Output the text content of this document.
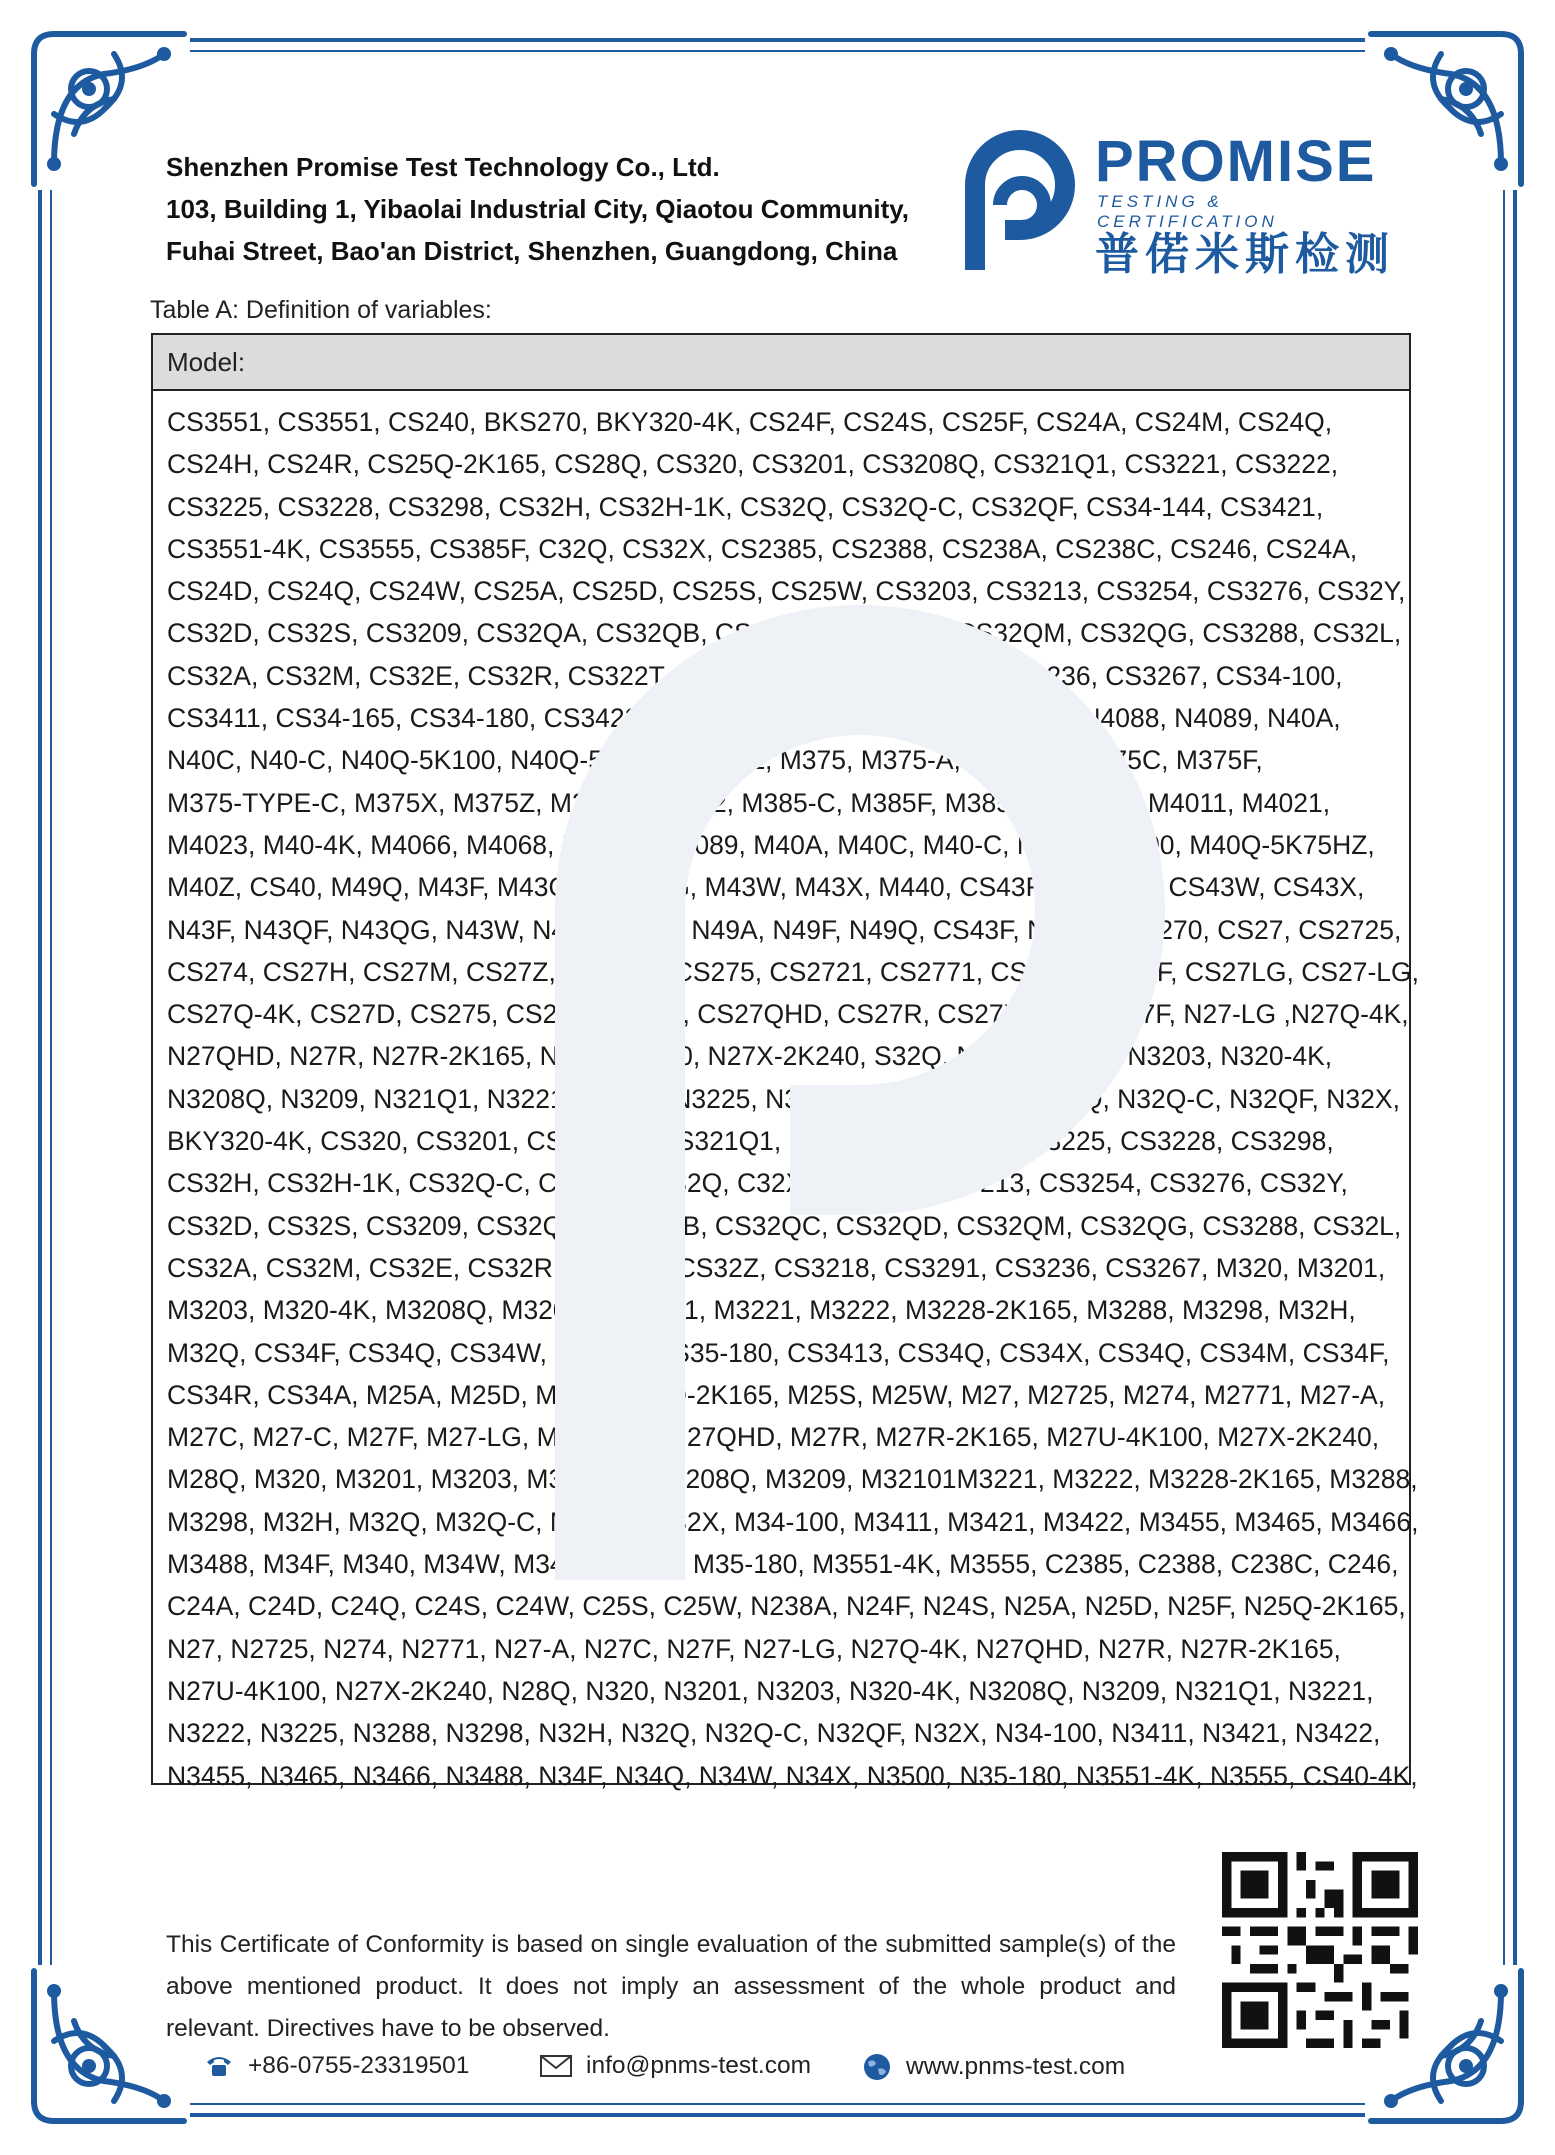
Shenzhen Promise Test Technology Co., Ltd.
103, Building 1, Yibaolai Industrial City, Qiaotou Community,
Fuhai Street, Bao'an District, Shenzhen, Guangdong, China
PROMISE
TESTING & CERTIFICATION
普偌米斯检测
Table A: Definition of variables:
Model:
CS3551, CS3551, CS240, BKS270, BKY320-4K, CS24F, CS24S, CS25F, CS24A, CS24M, CS24Q,
CS24H, CS24R, CS25Q-2K165, CS28Q, CS320, CS3201, CS3208Q, CS321Q1, CS3221, CS3222,
CS3225, CS3228, CS3298, CS32H, CS32H-1K, CS32Q, CS32Q-C, CS32QF, CS34-144, CS3421,
CS3551-4K, CS3555, CS385F, C32Q, CS32X, CS2385, CS2388, CS238A, CS238C, CS246, CS24A,
CS24D, CS24Q, CS24W, CS25A, CS25D, CS25S, CS25W, CS3203, CS3213, CS3254, CS3276, CS32Y,
CS32D, CS32S, CS3209, CS32QA, CS32QB, CS32QC, CS32QD, CS32QM, CS32QG, CS3288, CS32L,
CS32A, CS32M, CS32E, CS32R, CS322T, CS32Z, CS3218, CS3291, CS3236, CS3267, CS34-100,
CS3411, CS34-165, CS34-180, CS3422, CS3455, CS3465, CS3466, CS3488N4088, N4089, N40A,
N40C, N40-C, N40Q-5K100, N40Q-5K75HZ, N40Z, M375, M375-A, M375-B, M375C, M375F,
M375-TYPE-C, M375X, M375Z, M3801, M3802, M385-C, M385F, M385G, M385Q, M4011, M4021,
M4023, M40-4K, M4066, M4068, M4088, M4089, M40A, M40C, M40-C, M40Q-5K100, M40Q-5K75HZ,
M40Z, CS40, M49Q, M43F, M43QF, M43QG, M43W, M43X, M440, CS43F, CS43QF, CS43W, CS43X,
N43F, N43QF, N43QG, N43W, N43X, N440, N49A, N49F, N49Q, CS43F, N270, BKS270, CS27, CS2725,
CS274, CS27H, CS27M, CS27Z, CS2715, CS275, CS2721, CS2771, CS27C, CS27F, CS27LG, CS27-LG,
CS27Q-4K, CS27D, CS275, CS27L, CS279, CS27QHD, CS27R, CS27X-2K240N27F, N27-LG ,N27Q-4K,
N27QHD, N27R, N27R-2K165, N27U-4K100, N27X-2K240, S32Q, N320, N3201, N3203, N320-4K,
N3208Q, N3209, N321Q1, N3221, N3222, N3225, N3288, N3298, N32H, N32Q, N32Q-C, N32QF, N32X,
BKY320-4K, CS320, CS3201, CS3208Q, CS321Q1, CS3221, CS3222, CS3225, CS3228, CS3298,
CS32H, CS32H-1K, CS32Q-C, CS32QF, C32Q, C32X, CS3203, CS3213, CS3254, CS3276, CS32Y,
CS32D, CS32S, CS3209, CS32QA, CS32QB, CS32QC, CS32QD, CS32QM, CS32QG, CS3288, CS32L,
CS32A, CS32M, CS32E, CS32R, CS322T, CS32Z, CS3218, CS3291, CS3236, CS3267, M320, M3201,
M3203, M320-4K, M3208Q, M3209, M321Q1, M3221, M3222, M3228-2K165, M3288, M3298, M32H,
M32Q, CS34F, CS34Q, CS34W, CS34X, CS35-180, CS3413, CS34Q, CS34X, CS34Q, CS34M, CS34F,
CS34R, CS34A, M25A, M25D, M25F, M25Q-2K165, M25S, M25W, M27, M2725, M274, M2771, M27-A,
M27C, M27-C, M27F, M27-LG, M27Q-4K, M27QHD, M27R, M27R-2K165, M27U-4K100, M27X-2K240,
M28Q, M320, M3201, M3203, M320-4K, M3208Q, M3209, M32101M3221, M3222, M3228-2K165, M3288,
M3298, M32H, M32Q, M32Q-C, M32QF, M32X, M34-100, M3411, M3421, M3422, M3455, M3465, M3466,
M3488, M34F, M340, M34W, M34X, M3500, M35-180, M3551-4K, M3555, C2385, C2388, C238C, C246,
C24A, C24D, C24Q, C24S, C24W, C25S, C25W, N238A, N24F, N24S, N25A, N25D, N25F, N25Q-2K165,
N27, N2725, N274, N2771, N27-A, N27C, N27F, N27-LG, N27Q-4K, N27QHD, N27R, N27R-2K165,
N27U-4K100, N27X-2K240, N28Q, N320, N3201, N3203, N320-4K, N3208Q, N3209, N321Q1, N3221,
N3222, N3225, N3288, N3298, N32H, N32Q, N32Q-C, N32QF, N32X, N34-100, N3411, N3421, N3422,
N3455, N3465, N3466, N3488, N34F, N34Q, N34W, N34X, N3500, N35-180, N3551-4K, N3555, CS40-4K,
This Certificate of Conformity is based on single evaluation of the submitted sample(s) of the above mentioned product. It does not imply an assessment of the whole product and relevant. Directives have to be observed.
+86-0755-23319501	info@pnms-test.com	www.pnms-test.com
